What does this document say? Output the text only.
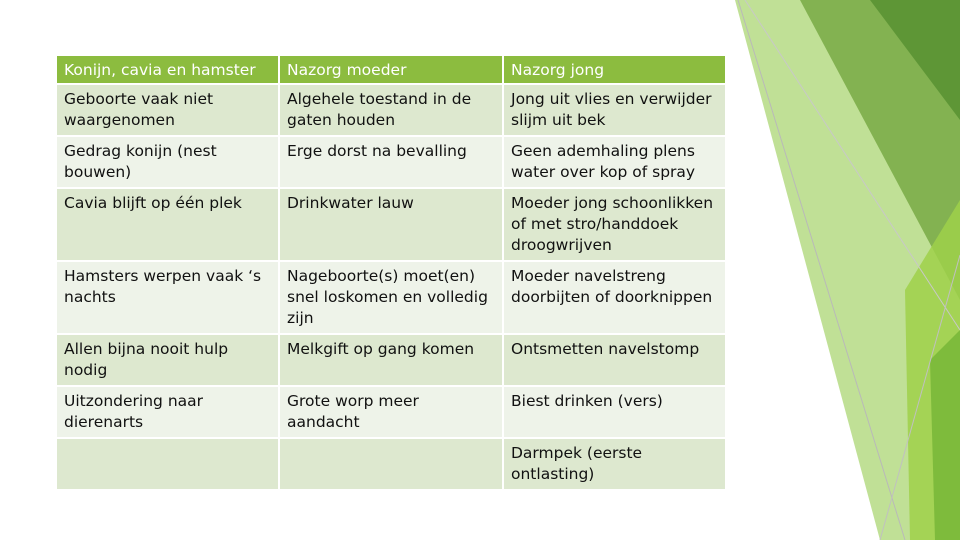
Konijn, cavia en hamster	Nazorg moeder	Nazorg jong
Geboorte vaak niet waargenomen	Algehele toestand in de gaten houden	Jong uit vlies en verwijder slijm uit bek
Gedrag konijn (nest bouwen)	Erge dorst na bevalling	Geen ademhaling plens water over kop of spray
Cavia blijft op één plek	Drinkwater lauw	Moeder jong schoonlikken of met stro/handdoek droogwrijven
Hamsters werpen vaak ‘s nachts	Nageboorte(s) moet(en) snel loskomen en volledig zijn	Moeder navelstreng doorbijten of doorknippen
Allen bijna nooit hulp nodig	Melkgift op gang komen	Ontsmetten navelstomp
Uitzondering naar dierenarts	Grote worp meer aandacht	Biest drinken (vers)
		Darmpek (eerste ontlasting)
